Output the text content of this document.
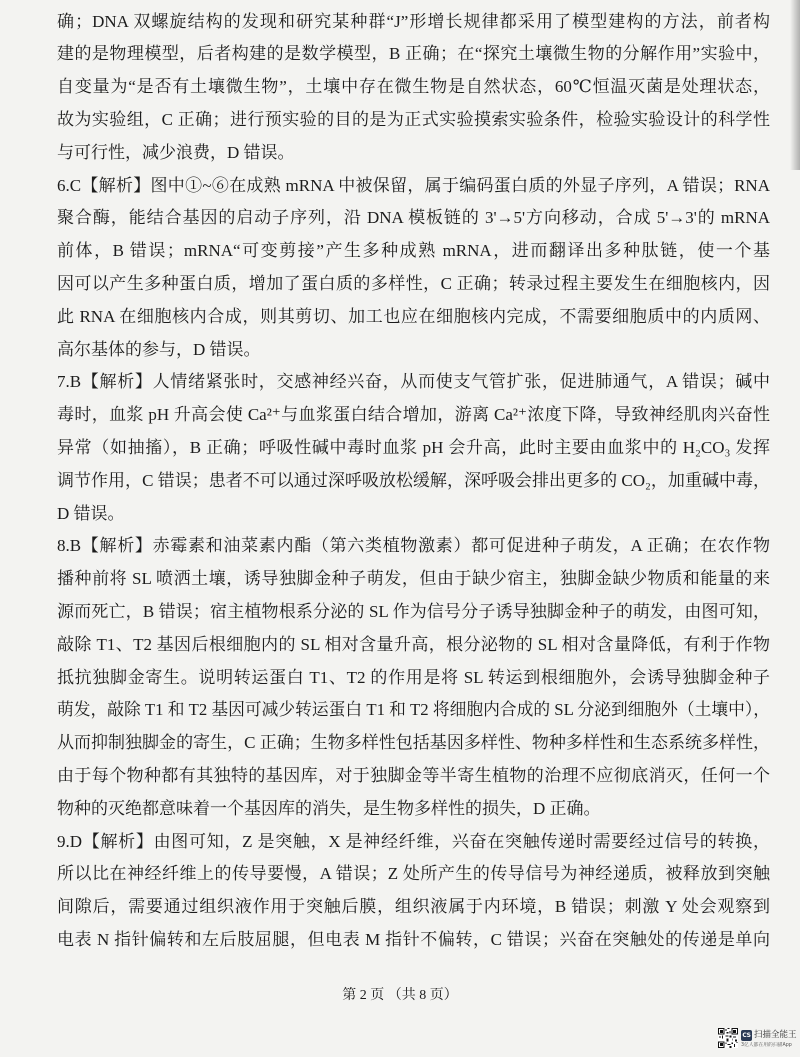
确；DNA 双螺旋结构的发现和研究某种群“J”形增长规律都采用了模型建构的方法，前者构
建的是物理模型，后者构建的是数学模型，B 正确；在“探究土壤微生物的分解作用”实验中，
自变量为“是否有土壤微生物”，土壤中存在微生物是自然状态，60℃恒温灭菌是处理状态，
故为实验组，C 正确；进行预实验的目的是为正式实验摸索实验条件，检验实验设计的科学性
与可行性，减少浪费，D 错误。
6.C【解析】图中①~⑥在成熟 mRNA 中被保留，属于编码蛋白质的外显子序列，A 错误；RNA
聚合酶，能结合基因的启动子序列，沿 DNA 模板链的 3'→5'方向移动，合成 5'→3'的 mRNA
前体，B 错误；mRNA“可变剪接”产生多种成熟 mRNA，进而翻译出多种肽链，使一个基
因可以产生多种蛋白质，增加了蛋白质的多样性，C 正确；转录过程主要发生在细胞核内，因
此 RNA 在细胞核内合成，则其剪切、加工也应在细胞核内完成，不需要细胞质中的内质网、
高尔基体的参与，D 错误。
7.B【解析】人情绪紧张时，交感神经兴奋，从而使支气管扩张，促进肺通气，A 错误；碱中
毒时，血浆 pH 升高会使 Ca²⁺与血浆蛋白结合增加，游离 Ca²⁺浓度下降，导致神经肌肉兴奋性
异常（如抽搐），B 正确；呼吸性碱中毒时血浆 pH 会升高，此时主要由血浆中的 H₂CO₃ 发挥
调节作用，C 错误；患者不可以通过深呼吸放松缓解，深呼吸会排出更多的 CO₂，加重碱中毒，
D 错误。
8.B【解析】赤霉素和油菜素内酯（第六类植物激素）都可促进种子萌发，A 正确；在农作物
播种前将 SL 喷洒土壤，诱导独脚金种子萌发，但由于缺少宿主，独脚金缺少物质和能量的来
源而死亡，B 错误；宿主植物根系分泌的 SL 作为信号分子诱导独脚金种子的萌发，由图可知，
敲除 T1、T2 基因后根细胞内的 SL 相对含量升高，根分泌物的 SL 相对含量降低，有利于作物
抵抗独脚金寄生。说明转运蛋白 T1、T2 的作用是将 SL 转运到根细胞外，会诱导独脚金种子
萌发，敲除 T1 和 T2 基因可减少转运蛋白 T1 和 T2 将细胞内合成的 SL 分泌到细胞外（土壤中），
从而抑制独脚金的寄生，C 正确；生物多样性包括基因多样性、物种多样性和生态系统多样性，
由于每个物种都有其独特的基因库，对于独脚金等半寄生植物的治理不应彻底消灭，任何一个
物种的灭绝都意味着一个基因库的消失，是生物多样性的损失，D 正确。
9.D【解析】由图可知，Z 是突触，X 是神经纤维，兴奋在突触传递时需要经过信号的转换，
所以比在神经纤维上的传导要慢，A 错误；Z 处所产生的传导信号为神经递质，被释放到突触
间隙后，需要通过组织液作用于突触后膜，组织液属于内环境，B 错误；刺激 Y 处会观察到
电表 N 指针偏转和左后肢屈腿，但电表 M 指针不偏转，C 错误；兴奋在突触处的传递是单向
第 2 页 （共 8 页）
CS 扫描全能王
3亿人都在用的扫描App
